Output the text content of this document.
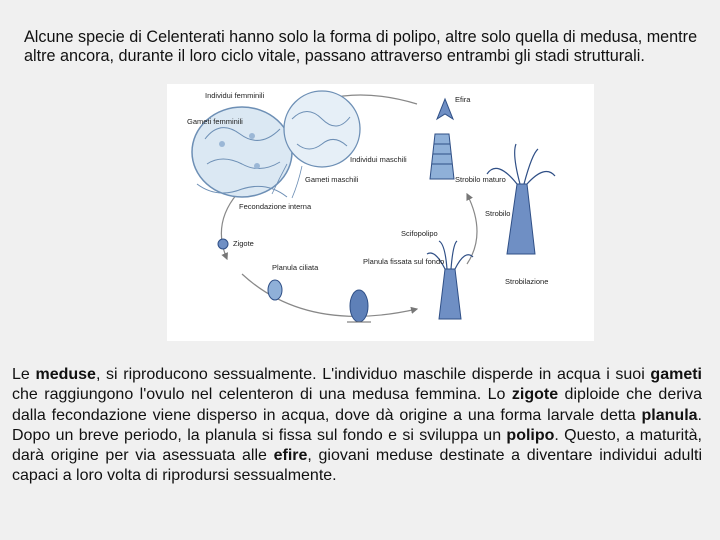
Alcune specie di Celenterati hanno solo la forma di polipo, altre solo quella di medusa, mentre altre ancora, durante il loro ciclo vitale, passano attraverso entrambi gli stadi strutturali.
Individui femminili
Gameti femminili
Individui maschili
Gameti maschili
Fecondazione interna
Zigote
Planula ciliata
Planula fissata sul fondo
Scifopolipo
Strobilazione
Strobilo maturo
Strobilo
Efira
Le meduse, si riproducono sessualmente. L'individuo maschile disperde in acqua i suoi gameti che raggiungono l'ovulo nel celenteron di una medusa femmina. Lo zigote diploide che deriva dalla fecondazione viene disperso in acqua, dove dà origine a una forma larvale detta planula. Dopo un breve periodo, la planula si fissa sul fondo e si sviluppa un polipo. Questo, a maturità, darà origine per via asessuata alle efire, giovani meduse destinate a diventare individui adulti capaci a loro volta di riprodursi sessualmente.
